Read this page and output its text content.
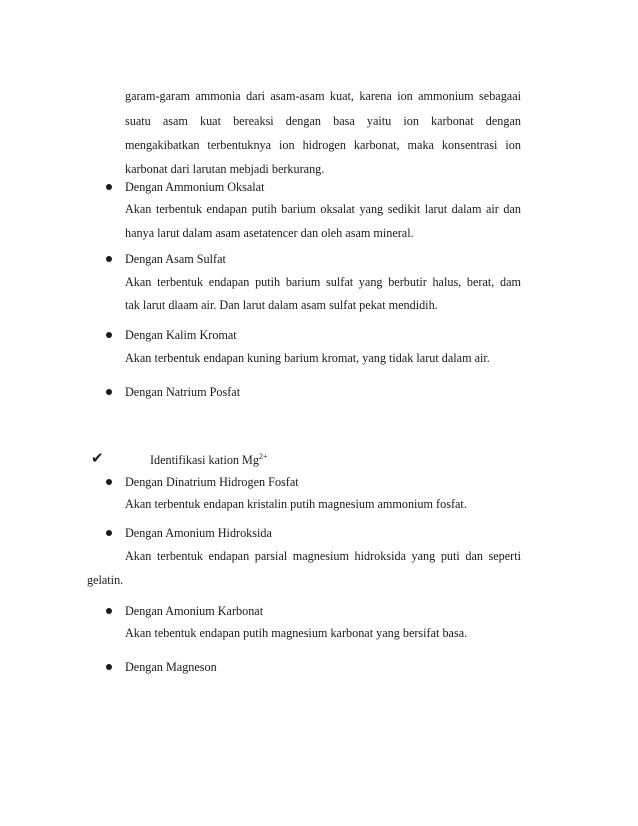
garam-garam ammonia dari asam-asam kuat, karena ion ammonium sebagaai
suatu asam kuat bereaksi dengan basa yaitu ion karbonat dengan
mengakibatkan terbentuknya ion hidrogen karbonat, maka konsentrasi ion
karbonat dari larutan mebjadi berkurang.
Dengan Ammonium Oksalat
Akan terbentuk endapan putih barium oksalat yang sedikit larut dalam air dan
hanya larut dalam asam asetatencer dan oleh asam mineral.
Dengan Asam Sulfat
Akan terbentuk endapan putih barium sulfat yang berbutir halus, berat, dam
tak larut dlaam air. Dan larut dalam asam sulfat pekat mendidih.
Dengan Kalim Kromat
Akan terbentuk endapan kuning barium kromat, yang tidak larut dalam air.
Dengan Natrium Posfat
✔	Identifikasi kation $Mg^{2+}$
Dengan Dinatrium Hidrogen Fosfat
Akan terbentuk endapan kristalin putih magnesium ammonium fosfat.
Dengan Amonium Hidroksida
Akan terbentuk endapan parsial magnesium hidroksida yang puti dan seperti
gelatin.
Dengan Amonium Karbonat
Akan tebentuk endapan putih magnesium karbonat yang bersifat basa.
Dengan Magneson
